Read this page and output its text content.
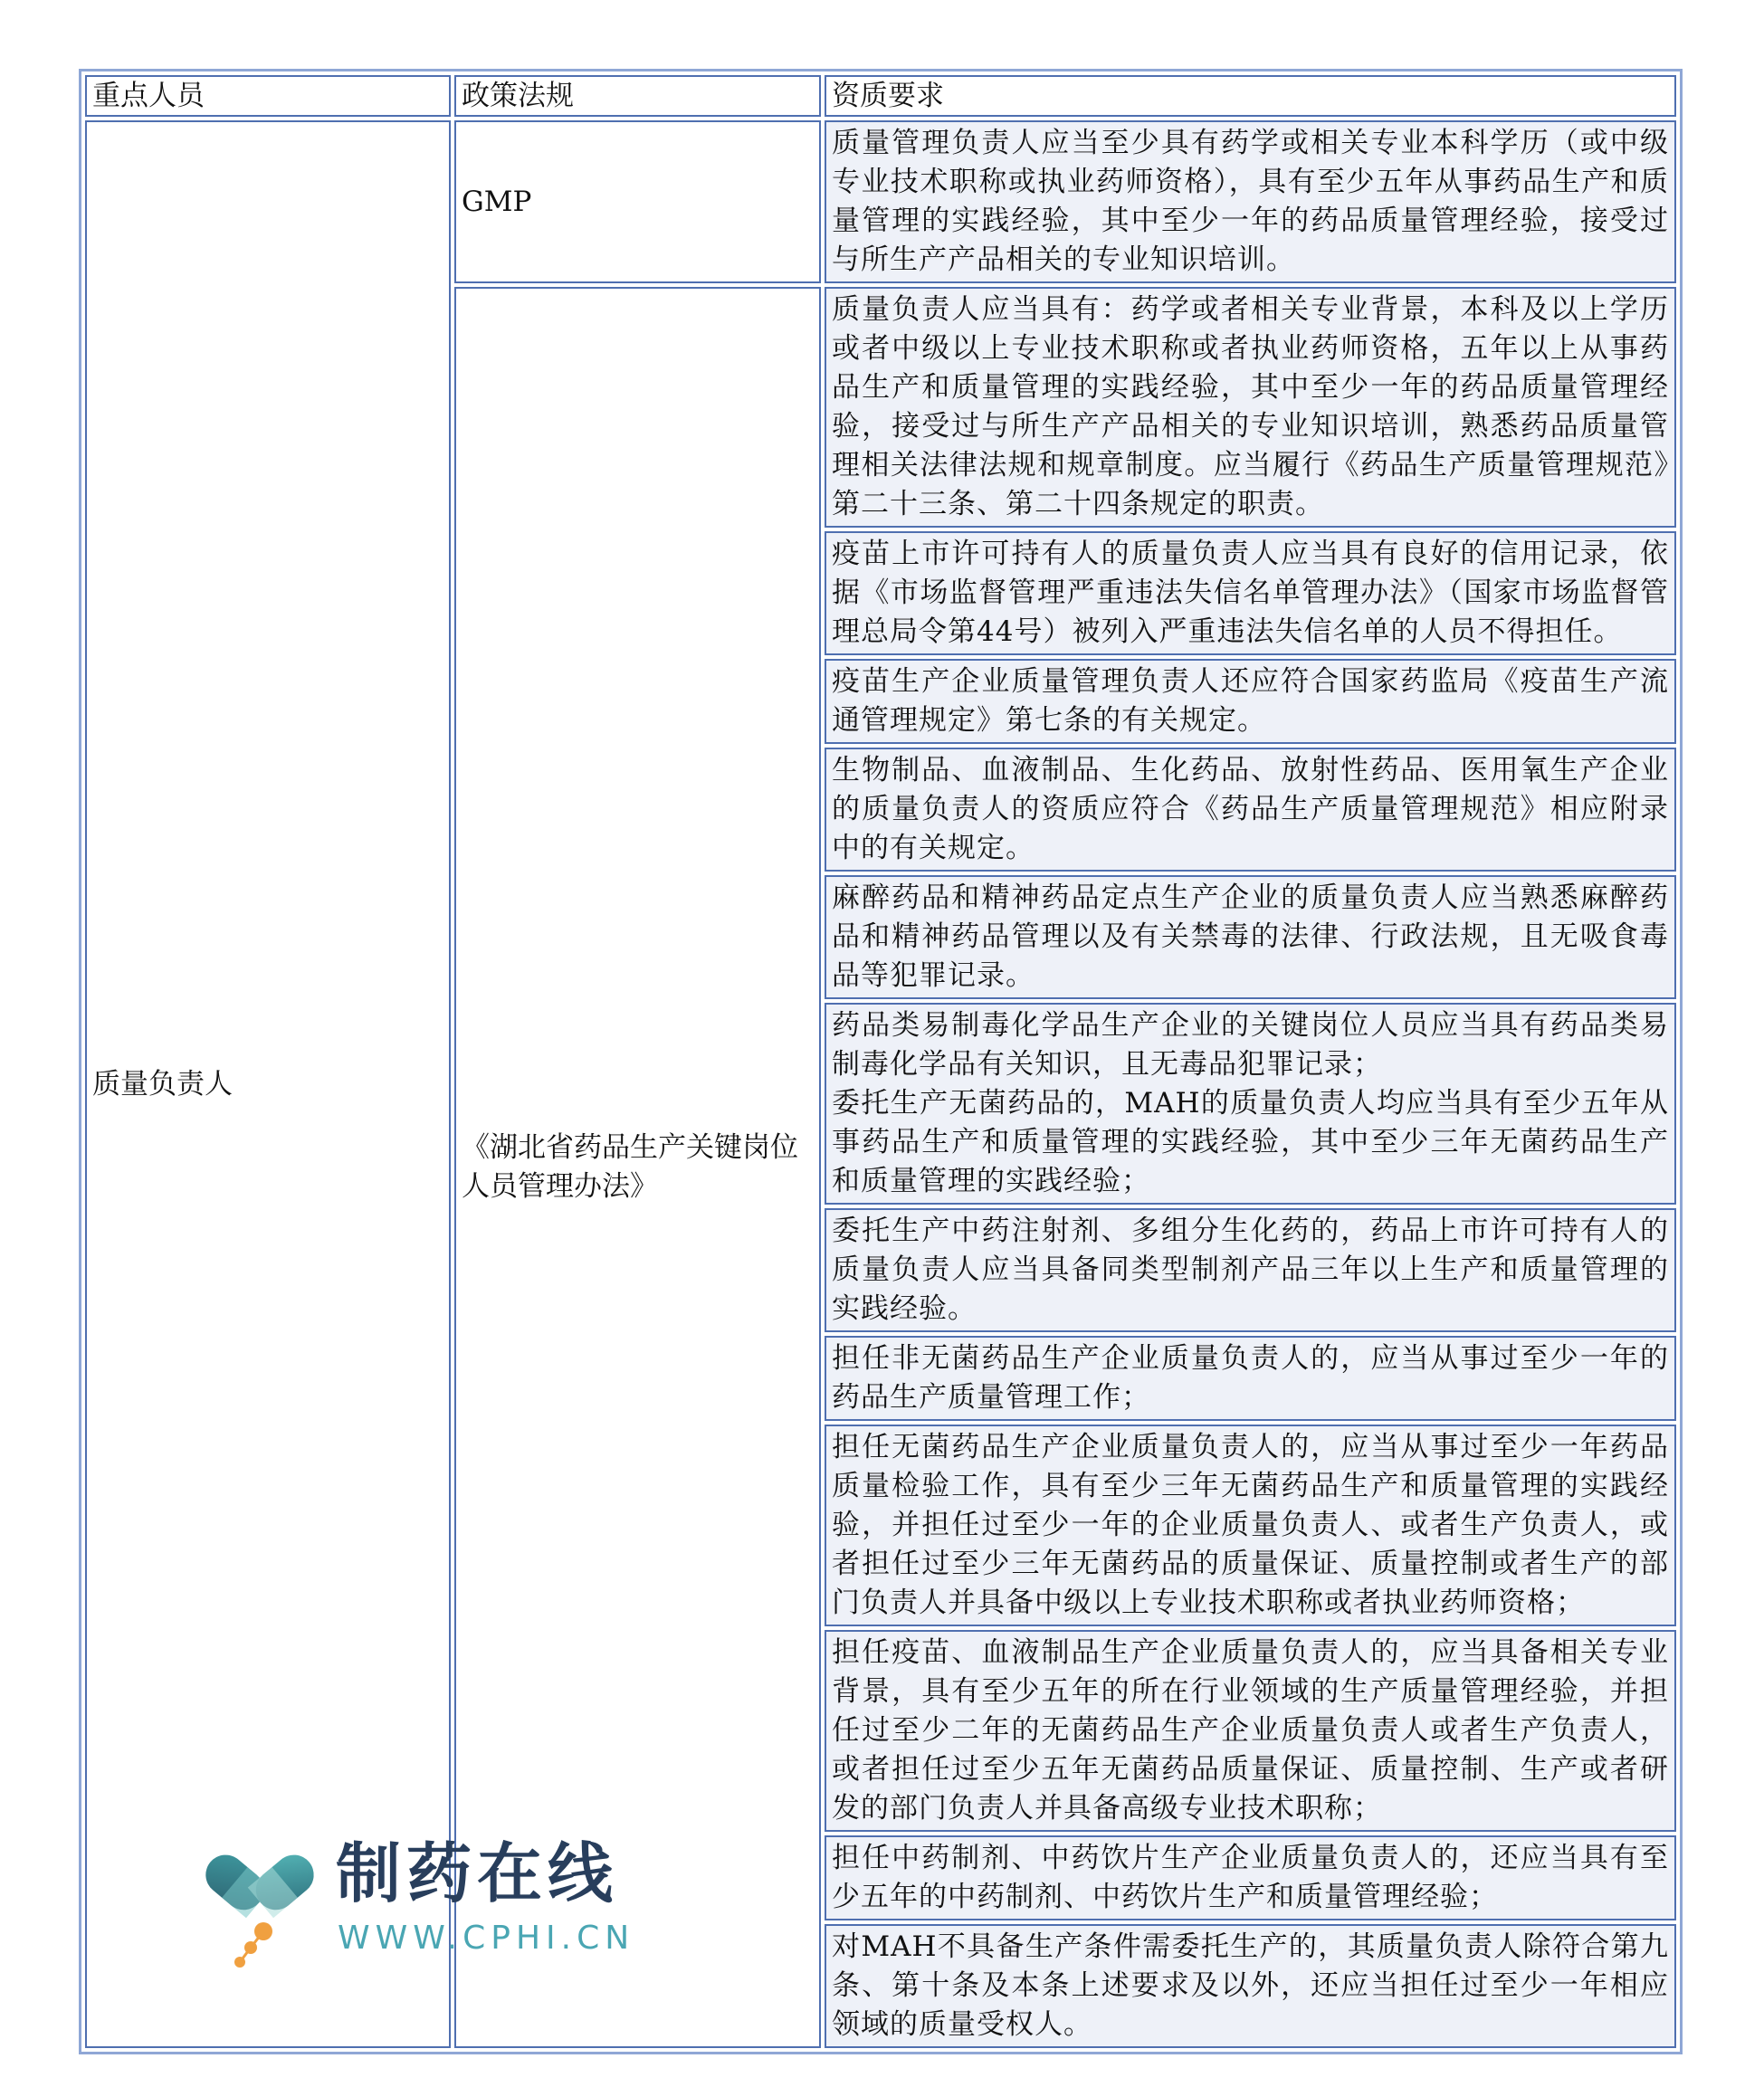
重点人员	政策法规	资质要求
质量负责人	GMP	质量管理负责人应当至少具有药学或相关专业本科学历（或中级专业技术职称或执业药师资格），具有至少五年从事药品生产和质量管理的实践经验，其中至少一年的药品质量管理经验，接受过与所生产产品相关的专业知识培训。

	《湖北省药品生产关键岗位人员管理办法》	质量负责人应当具有：药学或者相关专业背景，本科及以上学历或者中级以上专业技术职称或者执业药师资格，五年以上从事药品生产和质量管理的实践经验，其中至少一年的药品质量管理经验，接受过与所生产产品相关的专业知识培训，熟悉药品质量管理相关法律法规和规章制度。应当履行《药品生产质量管理规范》第二十三条、第二十四条规定的职责。

		疫苗上市许可持有人的质量负责人应当具有良好的信用记录，依据《市场监督管理严重违法失信名单管理办法》（国家市场监督管理总局令第44号）被列入严重违法失信名单的人员不得担任。

		疫苗生产企业质量管理负责人还应符合国家药监局《疫苗生产流通管理规定》第七条的有关规定。

		生物制品、血液制品、生化药品、放射性药品、医用氧生产企业的质量负责人的资质应符合《药品生产质量管理规范》相应附录中的有关规定。

		麻醉药品和精神药品定点生产企业的质量负责人应当熟悉麻醉药品和精神药品管理以及有关禁毒的法律、行政法规，且无吸食毒品等犯罪记录。

		药品类易制毒化学品生产企业的关键岗位人员应当具有药品类易制毒化学品有关知识，且无毒品犯罪记录；
委托生产无菌药品的，MAH的质量负责人均应当具有至少五年从事药品生产和质量管理的实践经验，其中至少三年无菌药品生产和质量管理的实践经验；

		委托生产中药注射剂、多组分生化药的，药品上市许可持有人的质量负责人应当具备同类型制剂产品三年以上生产和质量管理的实践经验。

		担任非无菌药品生产企业质量负责人的，应当从事过至少一年的药品生产质量管理工作；

		担任无菌药品生产企业质量负责人的，应当从事过至少一年药品质量检验工作，具有至少三年无菌药品生产和质量管理的实践经验，并担任过至少一年的企业质量负责人、或者生产负责人，或者担任过至少三年无菌药品的质量保证、质量控制或者生产的部门负责人并具备中级以上专业技术职称或者执业药师资格；

		担任疫苗、血液制品生产企业质量负责人的，应当具备相关专业背景，具有至少五年的所在行业领域的生产质量管理经验，并担任过至少二年的无菌药品生产企业质量负责人或者生产负责人，或者担任过至少五年无菌药品质量保证、质量控制、生产或者研发的部门负责人并具备高级专业技术职称；

		担任中药制剂、中药饮片生产企业质量负责人的，还应当具有至少五年的中药制剂、中药饮片生产和质量管理经验；

		对MAH不具备生产条件需委托生产的，其质量负责人除符合第九条、第十条及本条上述要求及以外，还应当担任过至少一年相应领域的质量受权人。
制药在线
WWW.CPHI.CN
